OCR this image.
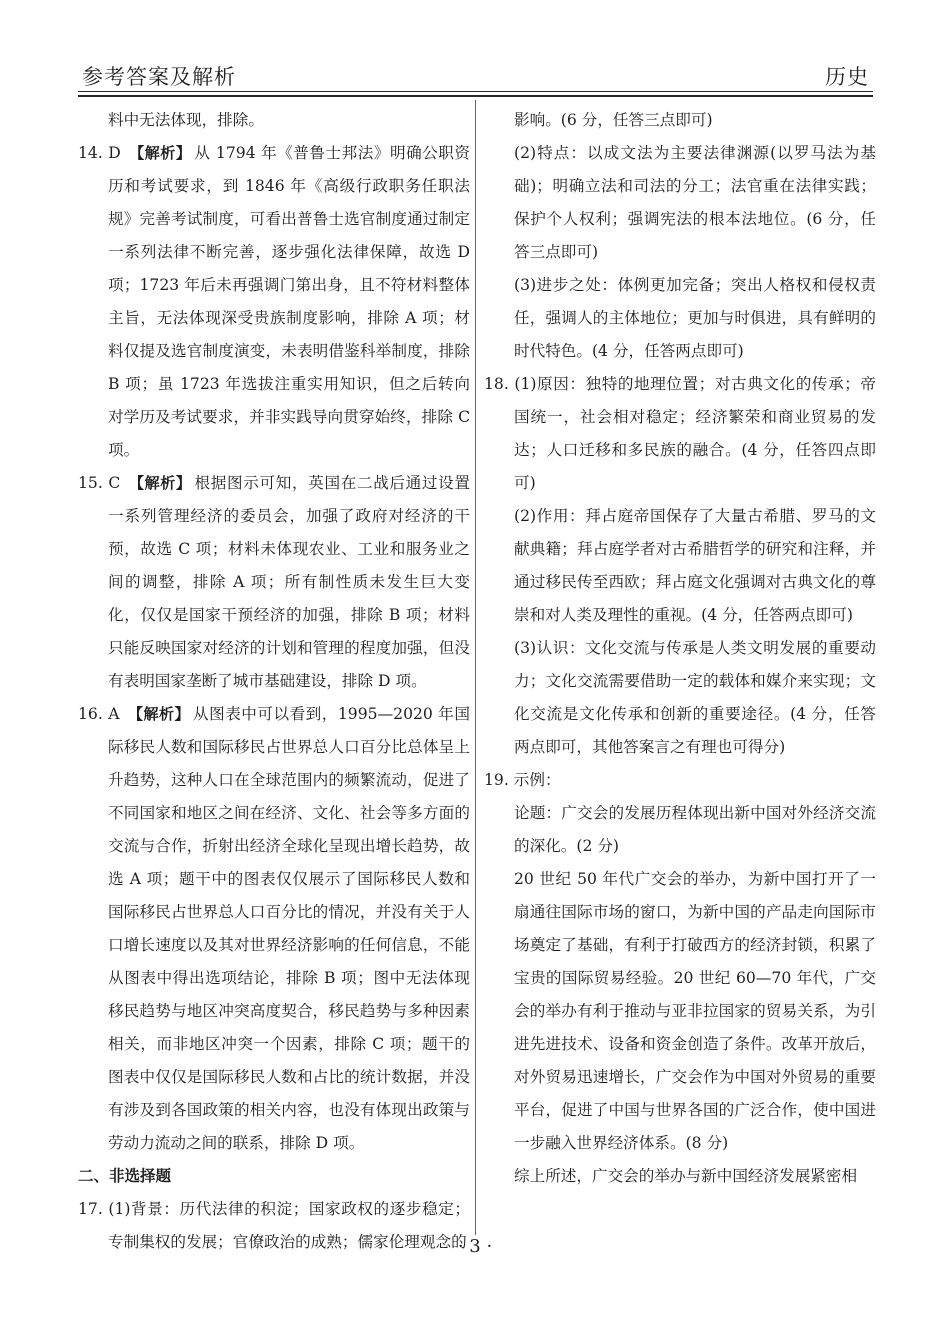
参考答案及解析	历史

料中无法体现，排除。

14. D 【解析】 从 1794 年《普鲁士邦法》明确公职资历和考试要求，到 1846 年《高级行政职务任职法规》完善考试制度，可看出普鲁士选官制度通过制定一系列法律不断完善，逐步强化法律保障，故选 D 项；1723 年后未再强调门第出身，且不符材料整体主旨，无法体现深受贵族制度影响，排除 A 项；材料仅提及选官制度演变，未表明借鉴科举制度，排除 B 项；虽 1723 年选拔注重实用知识，但之后转向对学历及考试要求，并非实践导向贯穿始终，排除 C 项。

15. C 【解析】 根据图示可知，英国在二战后通过设置一系列管理经济的委员会，加强了政府对经济的干预，故选 C 项；材料未体现农业、工业和服务业之间的调整，排除 A 项；所有制性质未发生巨大变化，仅仅是国家干预经济的加强，排除 B 项；材料只能反映国家对经济的计划和管理的程度加强，但没有表明国家垄断了城市基础建设，排除 D 项。

16. A 【解析】 从图表中可以看到，1995—2020 年国际移民人数和国际移民占世界总人口百分比总体呈上升趋势，这种人口在全球范围内的频繁流动，促进了不同国家和地区之间在经济、文化、社会等多方面的交流与合作，折射出经济全球化呈现出增长趋势，故选 A 项；题干中的图表仅仅展示了国际移民人数和国际移民占世界总人口百分比的情况，并没有关于人口增长速度以及其对世界经济影响的任何信息，不能从图表中得出选项结论，排除 B 项；图中无法体现移民趋势与地区冲突高度契合，移民趋势与多种因素相关，而非地区冲突一个因素，排除 C 项；题干的图表中仅仅是国际移民人数和占比的统计数据，并没有涉及到各国政策的相关内容，也没有体现出政策与劳动力流动之间的联系，排除 D 项。

二、非选择题

17. (1)背景：历代法律的积淀；国家政权的逐步稳定；专制集权的发展；官僚政治的成熟；儒家伦理观念的

影响。(6 分，任答三点即可)

(2)特点：以成文法为主要法律渊源(以罗马法为基础)；明确立法和司法的分工；法官重在法律实践；保护个人权利；强调宪法的根本法地位。(6 分，任答三点即可)

(3)进步之处：体例更加完备；突出人格权和侵权责任，强调人的主体地位；更加与时俱进，具有鲜明的时代特色。(4 分，任答两点即可)

18. (1)原因：独特的地理位置；对古典文化的传承；帝国统一，社会相对稳定；经济繁荣和商业贸易的发达；人口迁移和多民族的融合。(4 分，任答四点即可)

(2)作用：拜占庭帝国保存了大量古希腊、罗马的文献典籍；拜占庭学者对古希腊哲学的研究和注释，并通过移民传至西欧；拜占庭文化强调对古典文化的尊崇和对人类及理性的重视。(4 分，任答两点即可)

(3)认识：文化交流与传承是人类文明发展的重要动力；文化交流需要借助一定的载体和媒介来实现；文化交流是文化传承和创新的重要途径。(4 分，任答两点即可，其他答案言之有理也可得分)

19. 示例：

论题：广交会的发展历程体现出新中国对外经济交流的深化。(2 分)

20 世纪 50 年代广交会的举办，为新中国打开了一扇通往国际市场的窗口，为新中国的产品走向国际市场奠定了基础，有利于打破西方的经济封锁，积累了宝贵的国际贸易经验。20 世纪 60—70 年代，广交会的举办有利于推动与亚非拉国家的贸易关系，为引进先进技术、设备和资金创造了条件。改革开放后，对外贸易迅速增长，广交会作为中国对外贸易的重要平台，促进了中国与世界各国的广泛合作，使中国进一步融入世界经济体系。(8 分)

综上所述，广交会的举办与新中国经济发展紧密相

· 3 ·
